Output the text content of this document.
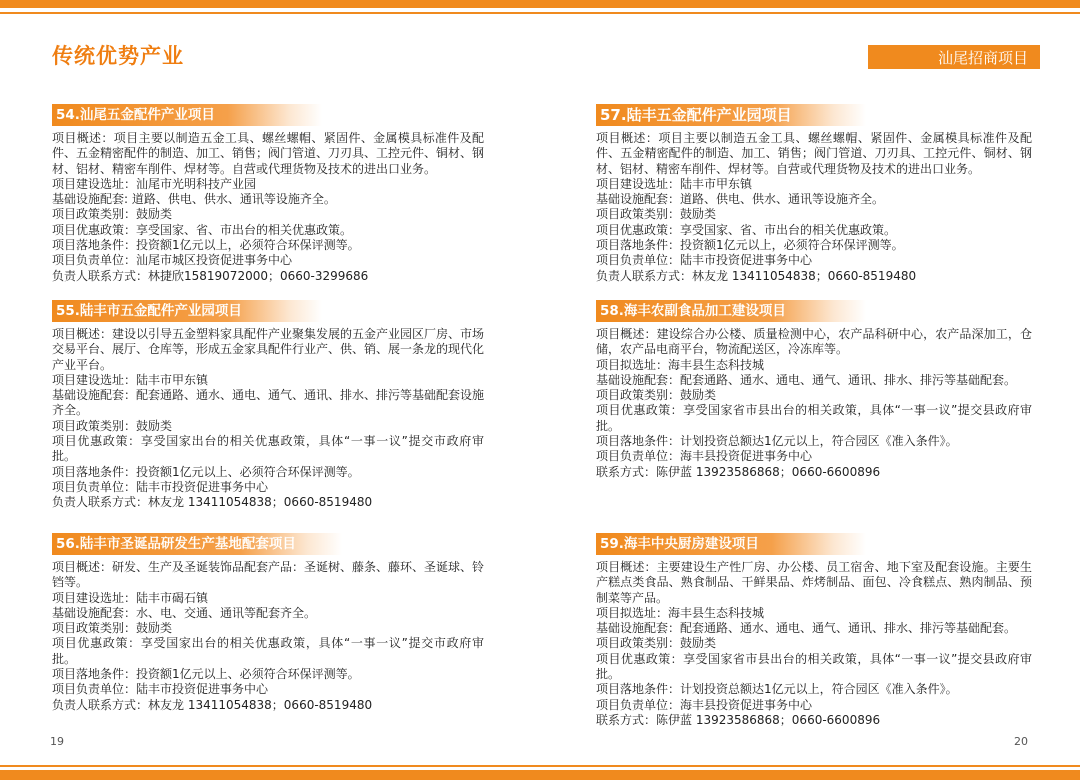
传统优势产业	汕尾招商项目
54.汕尾五金配件产业项目

项目概述：项目主要以制造五金工具、螺丝螺帽、紧固件、金属模具标准件及配件、五金精密配件的制造、加工、销售；阀门管道、刀刃具、工控元件、铜材、钢材、铝材、精密车削件、焊材等。自营或代理货物及技术的进出口业务。

项目建设选址：汕尾市光明科技产业园

基础设施配套: 道路、供电、供水、通讯等设施齐全。

项目政策类别：鼓励类

项目优惠政策：享受国家、省、市出台的相关优惠政策。

项目落地条件：投资额1亿元以上，必须符合环保评测等。

项目负责单位：汕尾市城区投资促进事务中心

负责人联系方式：林捷欣15819072000；0660-3299686

55.陆丰市五金配件产业园项目

项目概述：建设以引导五金塑料家具配件产业聚集发展的五金产业园区厂房、市场交易平台、展厅、仓库等，形成五金家具配件行业产、供、销、展一条龙的现代化产业平台。

项目建设选址：陆丰市甲东镇

基础设施配套：配套通路、通水、通电、通气、通讯、排水、排污等基础配套设施齐全。

项目政策类别：鼓励类

项目优惠政策：享受国家出台的相关优惠政策，具体“一事一议”提交市政府审批。

项目落地条件：投资额1亿元以上、必须符合环保评测等。

项目负责单位：陆丰市投资促进事务中心

负责人联系方式：林友龙 13411054838；0660-8519480

56.陆丰市圣诞品研发生产基地配套项目

项目概述：研发、生产及圣诞装饰品配套产品：圣诞树、藤条、藤环、圣诞球、铃铛等。

项目建设选址：陆丰市碣石镇

基础设施配套：水、电、交通、通讯等配套齐全。

项目政策类别：鼓励类

项目优惠政策：享受国家出台的相关优惠政策，具体“一事一议”提交市政府审批。

项目落地条件：投资额1亿元以上、必须符合环保评测等。

项目负责单位：陆丰市投资促进事务中心

负责人联系方式：林友龙 13411054838；0660-8519480

57.陆丰五金配件产业园项目

项目概述：项目主要以制造五金工具、螺丝螺帽、紧固件、金属模具标准件及配件、五金精密配件的制造、加工、销售；阀门管道、刀刃具、工控元件、铜材、钢材、铝材、精密车削件、焊材等。自营或代理货物及技术的进出口业务。

项目建设选址：陆丰市甲东镇

基础设施配套：道路、供电、供水、通讯等设施齐全。

项目政策类别：鼓励类

项目优惠政策：享受国家、省、市出台的相关优惠政策。

项目落地条件：投资额1亿元以上，必须符合环保评测等。

项目负责单位：陆丰市投资促进事务中心

负责人联系方式：林友龙 13411054838；0660-8519480

58.海丰农副食品加工建设项目

项目概述：建设综合办公楼、质量检测中心，农产品科研中心，农产品深加工，仓储，农产品电商平台，物流配送区，冷冻库等。

项目拟选址：海丰县生态科技城

基础设施配套：配套通路、通水、通电、通气、通讯、排水、排污等基础配套。

项目政策类别：鼓励类

项目优惠政策：享受国家省市县出台的相关政策，具体“一事一议”提交县政府审批。

项目落地条件：计划投资总额达1亿元以上，符合园区《准入条件》。

项目负责单位：海丰县投资促进事务中心

联系方式：陈伊蓝 13923586868；0660-6600896

59.海丰中央厨房建设项目

项目概述：主要建设生产性厂房、办公楼、员工宿舍、地下室及配套设施。主要生产糕点类食品、熟食制品、干鲜果品、炸烤制品、面包、冷食糕点、熟肉制品、预制菜等产品。

项目拟选址：海丰县生态科技城

基础设施配套：配套通路、通水、通电、通气、通讯、排水、排污等基础配套。

项目政策类别：鼓励类

项目优惠政策：享受国家省市县出台的相关政策，具体“一事一议”提交县政府审批。

项目落地条件：计划投资总额达1亿元以上，符合园区《准入条件》。

项目负责单位：海丰县投资促进事务中心

联系方式：陈伊蓝 13923586868；0660-6600896

19	20
